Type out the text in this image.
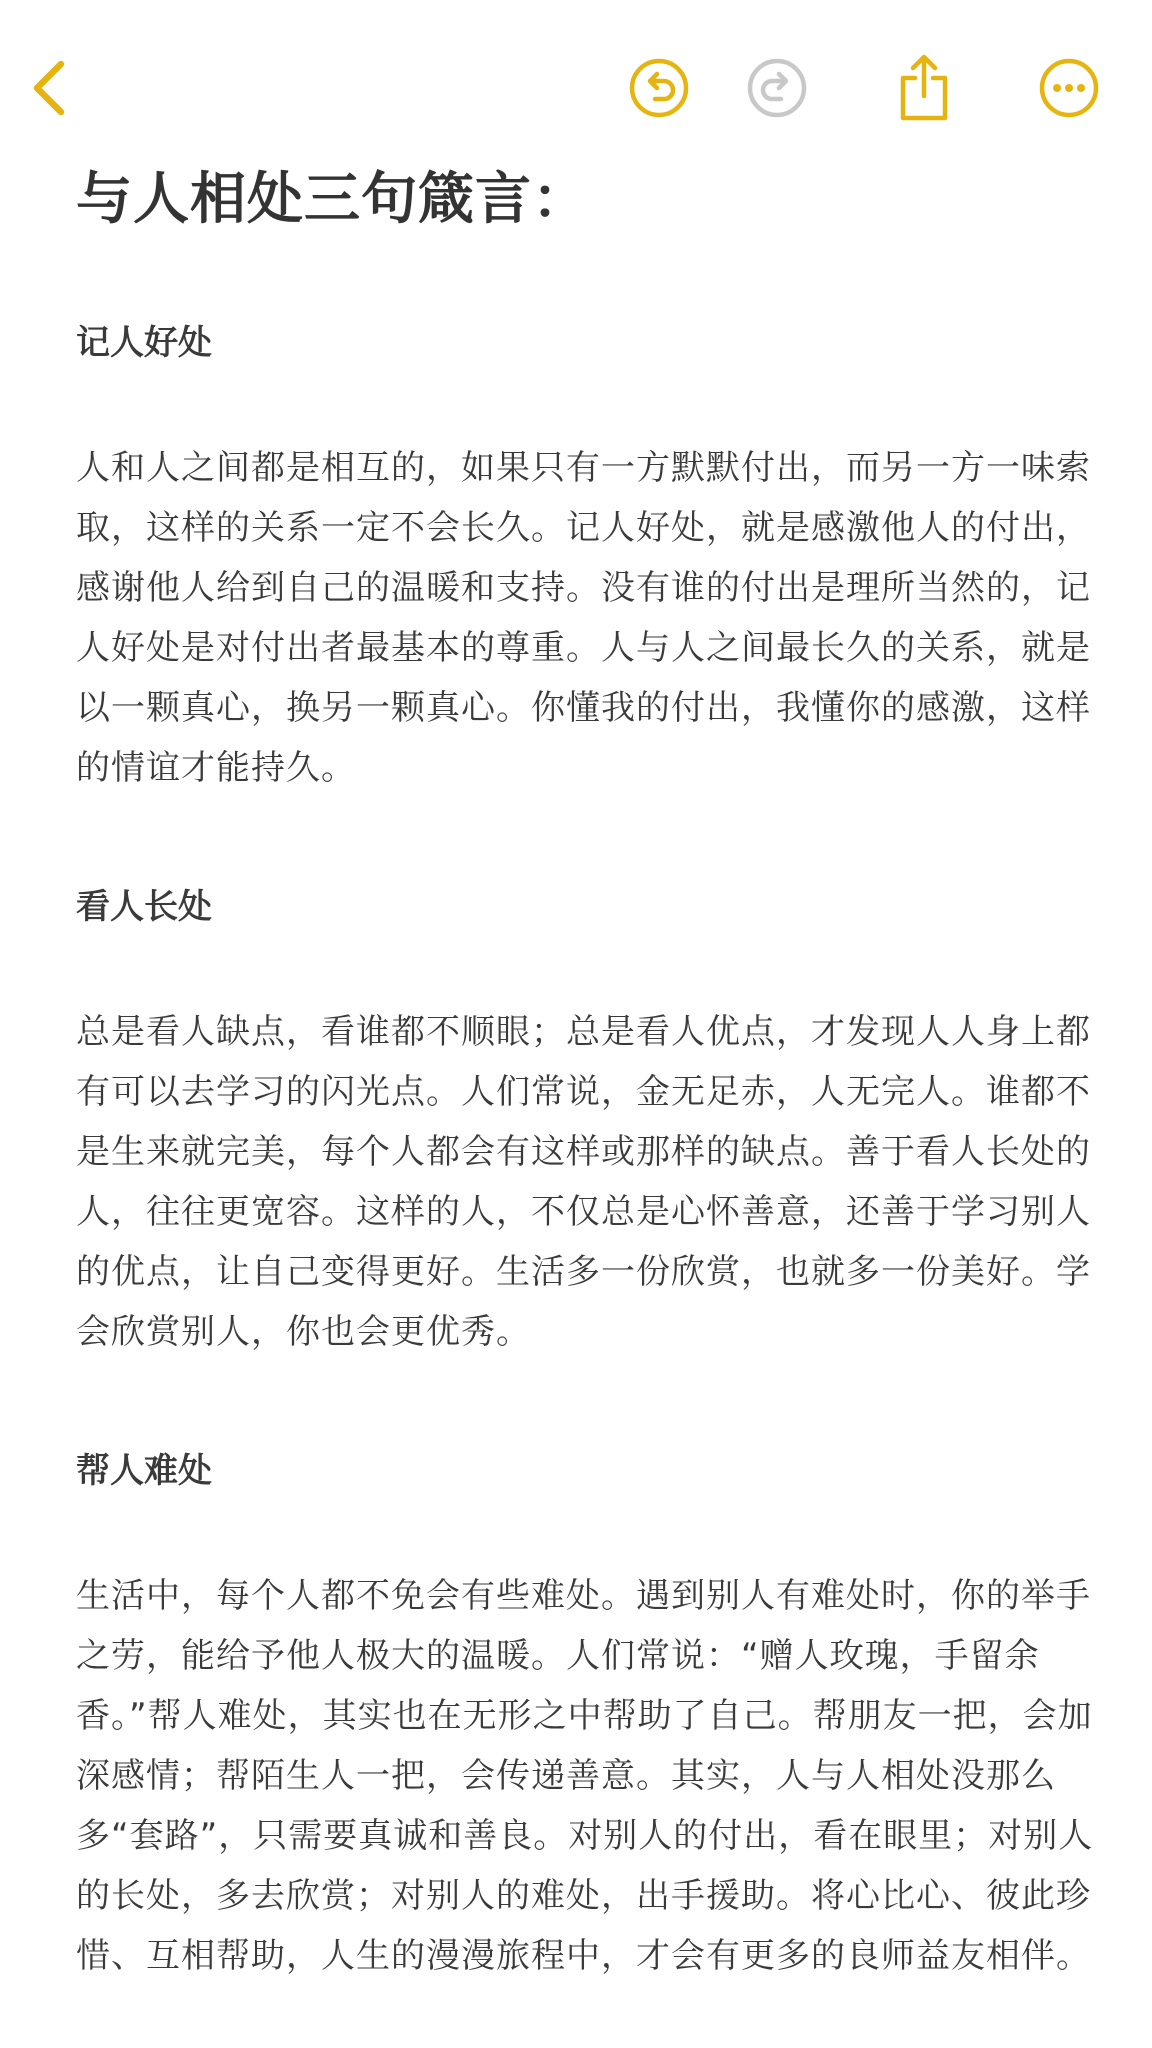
与人相处三句箴言：

记人好处

人和人之间都是相互的，如果只有一方默默付出，而另一方一味索取，这样的关系一定不会长久。记人好处，就是感激他人的付出，感谢他人给到自己的温暖和支持。没有谁的付出是理所当然的，记人好处是对付出者最基本的尊重。人与人之间最长久的关系，就是以一颗真心，换另一颗真心。你懂我的付出，我懂你的感激，这样的情谊才能持久。

看人长处

总是看人缺点，看谁都不顺眼；总是看人优点，才发现人人身上都有可以去学习的闪光点。人们常说，金无足赤，人无完人。谁都不是生来就完美，每个人都会有这样或那样的缺点。善于看人长处的人，往往更宽容。这样的人，不仅总是心怀善意，还善于学习别人的优点，让自己变得更好。生活多一份欣赏，也就多一份美好。学会欣赏别人，你也会更优秀。

帮人难处

生活中，每个人都不免会有些难处。遇到别人有难处时，你的举手之劳，能给予他人极大的温暖。人们常说：“赠人玫瑰，手留余香。”帮人难处，其实也在无形之中帮助了自己。帮朋友一把，会加深感情；帮陌生人一把，会传递善意。其实，人与人相处没那么多“套路”，只需要真诚和善良。对别人的付出，看在眼里；对别人的长处，多去欣赏；对别人的难处，出手援助。将心比心、彼此珍惜、互相帮助，人生的漫漫旅程中，才会有更多的良师益友相伴。
